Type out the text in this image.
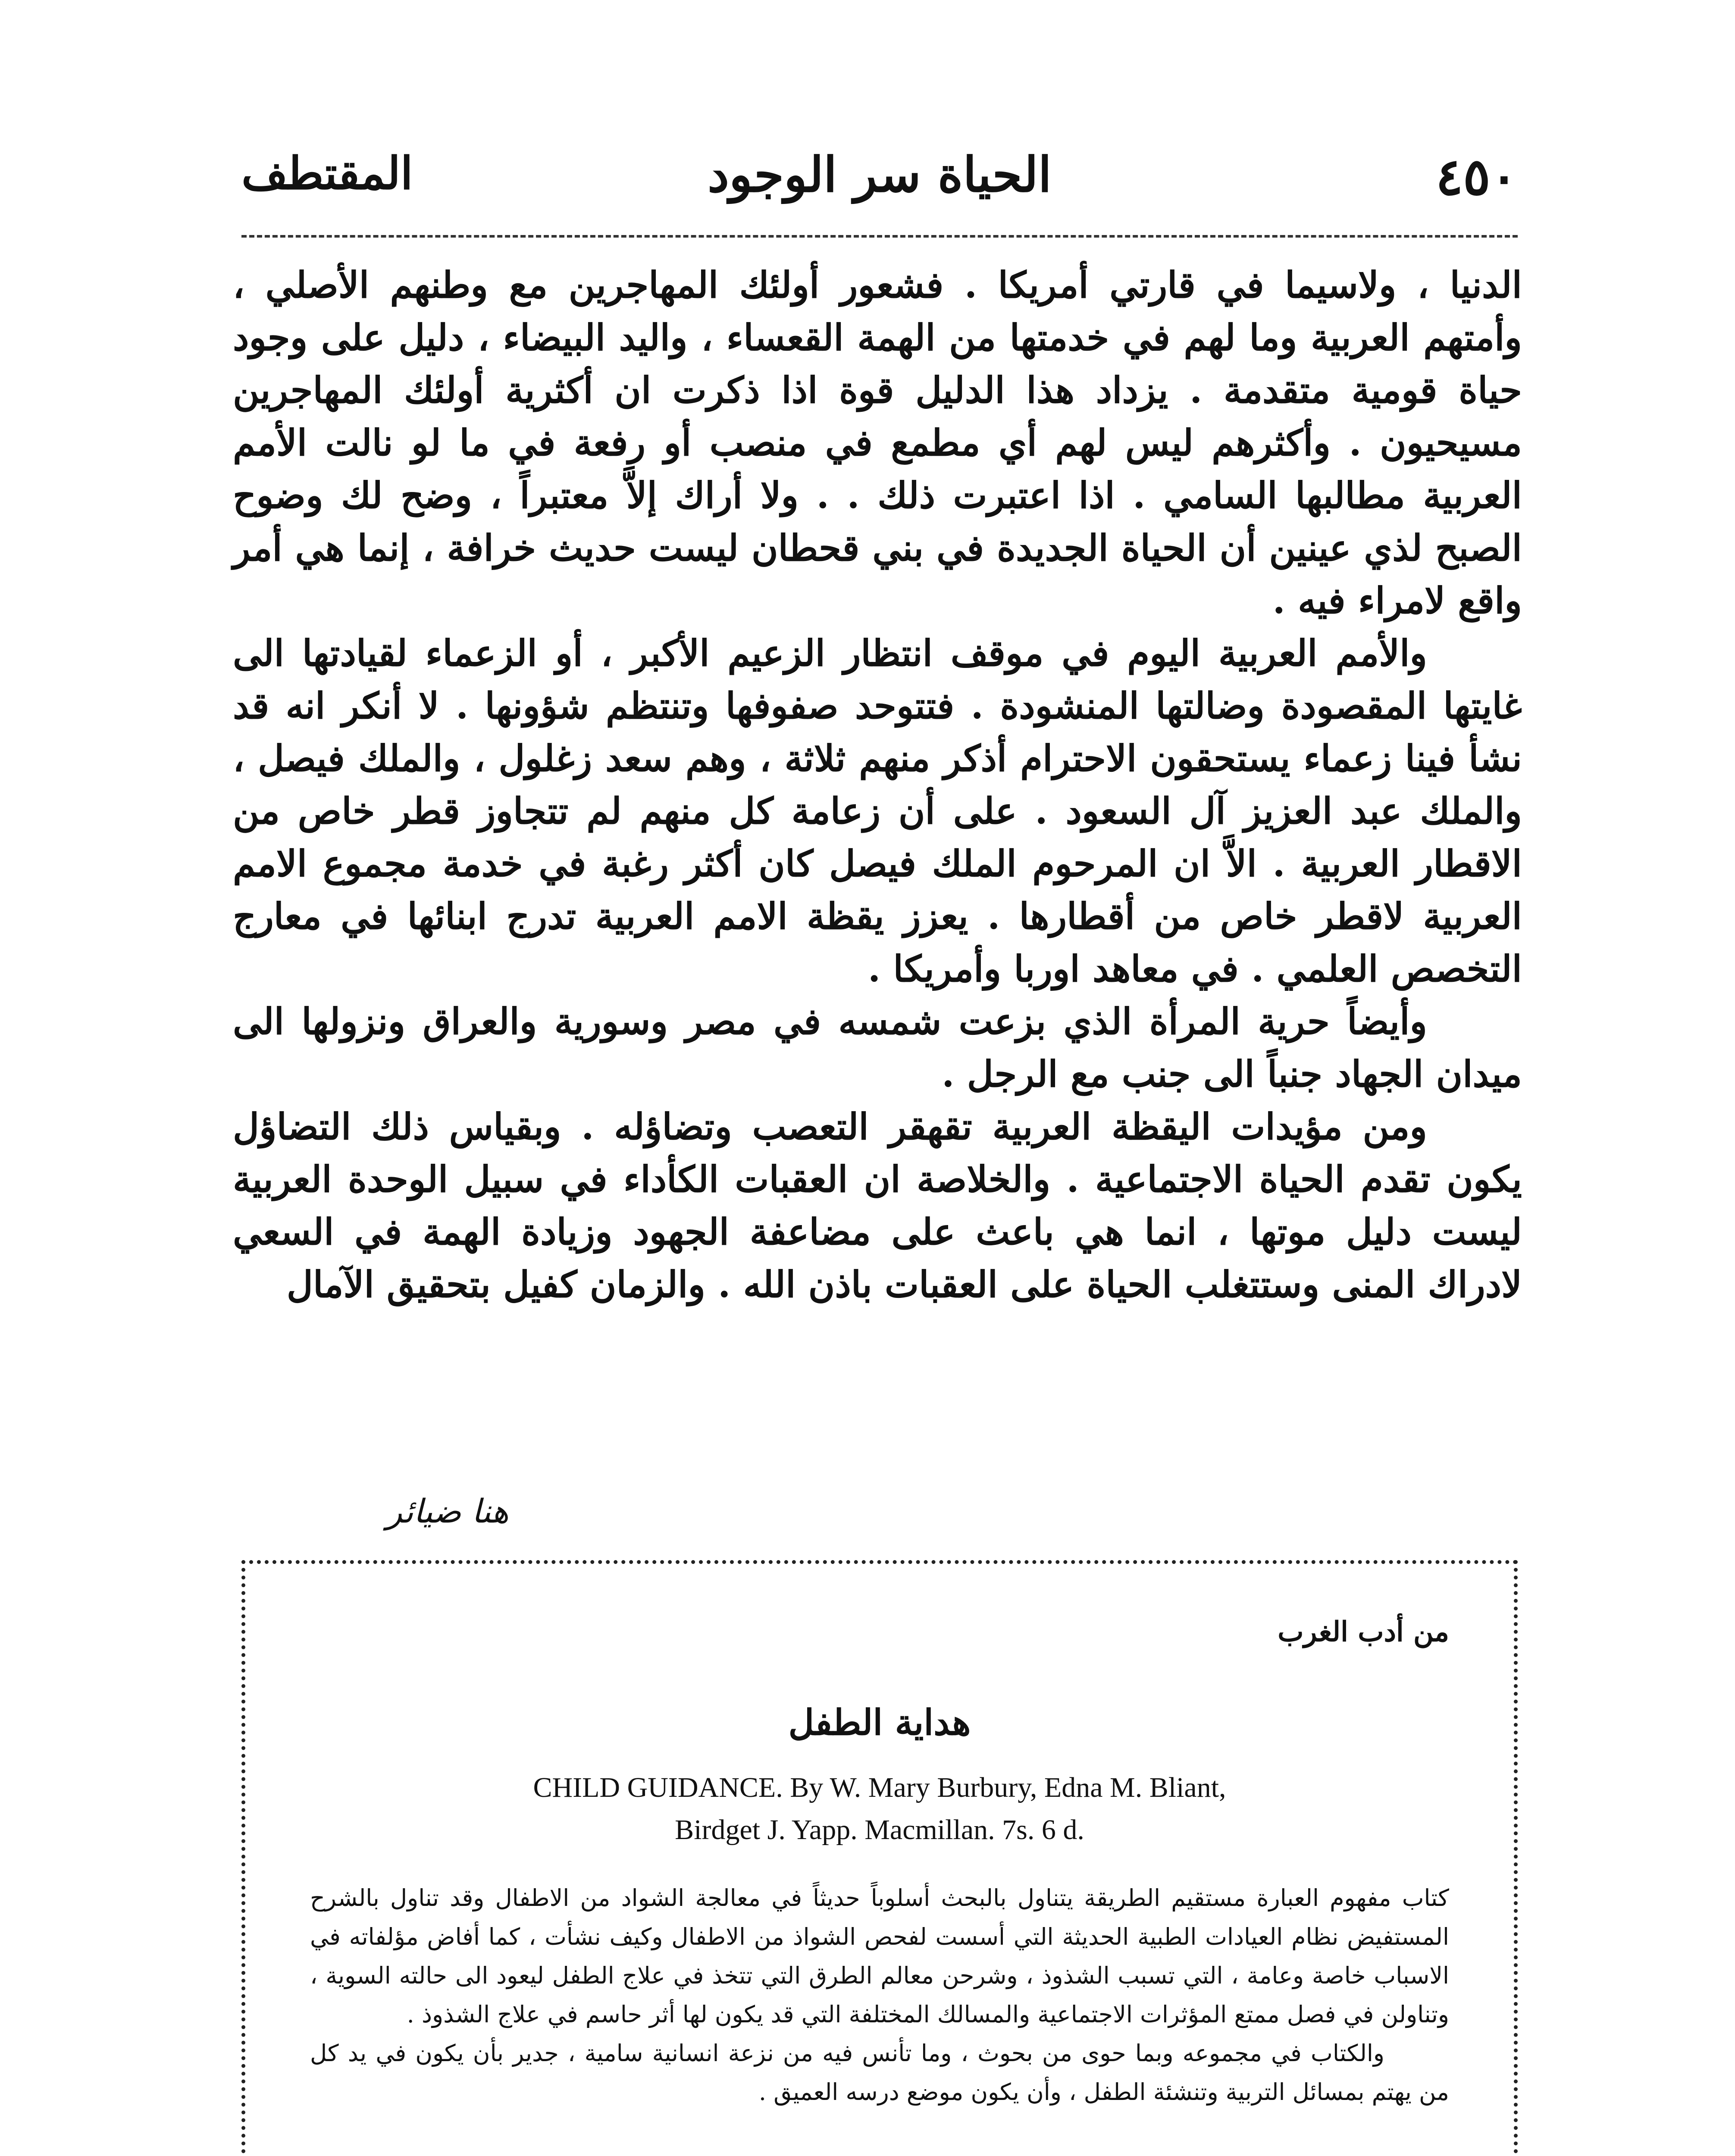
٤٥٠
الحياة سر الوجود
المقتطف

الدنيا ، ولاسيما في قارتي أمريكا . فشعور أولئك المهاجرين مع وطنهم الأصلي ، وأمتهم العربية وما لهم في خدمتها من الهمة القعساء ، واليد البيضاء ، دليل على وجود حياة قومية متقدمة . يزداد هذا الدليل قوة اذا ذكرت ان أكثرية أولئك المهاجرين مسيحيون . وأكثرهم ليس لهم أي مطمع في منصب أو رفعة في ما لو نالت الأمم العربية مطالبها السامي . اذا اعتبرت ذلك . . ولا أراك إلاَّ معتبراً ، وضح لك وضوح الصبح لذي عينين أن الحياة الجديدة في بني قحطان ليست حديث خرافة ، إنما هي أمر واقع لامراء فيه .

والأمم العربية اليوم في موقف انتظار الزعيم الأكبر ، أو الزعماء لقيادتها الى غايتها المقصودة وضالتها المنشودة . فتتوحد صفوفها وتنتظم شؤونها . لا أنكر انه قد نشأ فينا زعماء يستحقون الاحترام أذكر منهم ثلاثة ، وهم سعد زغلول ، والملك فيصل ، والملك عبد العزيز آل السعود . على أن زعامة كل منهم لم تتجاوز قطر خاص من الاقطار العربية . الاَّ ان المرحوم الملك فيصل كان أكثر رغبة في خدمة مجموع الامم العربية لاقطر خاص من أقطارها . يعزز يقظة الامم العربية تدرج ابنائها في معارج التخصص العلمي . في معاهد اوربا وأمريكا .

وأيضاً حرية المرأة الذي بزعت شمسه في مصر وسورية والعراق ونزولها الى ميدان الجهاد جنباً الى جنب مع الرجل .

ومن مؤيدات اليقظة العربية تقهقر التعصب وتضاؤله . وبقياس ذلك التضاؤل يكون تقدم الحياة الاجتماعية . والخلاصة ان العقبات الكأداء في سبيل الوحدة العربية ليست دليل موتها ، انما هي باعث على مضاعفة الجهود وزيادة الهمة في السعي لادراك المنى وستتغلب الحياة على العقبات باذن الله . والزمان كفيل بتحقيق الآمال

هنا ضيائر
من أدب الغرب
هداية الطفل
CHILD GUIDANCE. By W. Mary Burbury, Edna M. Bliant,
Birdget J. Yapp. Macmillan. 7s. 6 d.

كتاب مفهوم العبارة مستقيم الطريقة يتناول بالبحث أسلوباً حديثاً في معالجة الشواد من الاطفال وقد تناول بالشرح المستفيض نظام العيادات الطبية الحديثة التي أسست لفحص الشواذ من الاطفال وكيف نشأت ، كما أفاض مؤلفاته في الاسباب خاصة وعامة ، التي تسبب الشذوذ ، وشرحن معالم الطرق التي تتخذ في علاج الطفل ليعود الى حالته السوية ، وتناولن في فصل ممتع المؤثرات الاجتماعية والمسالك المختلفة التي قد يكون لها أثر حاسم في علاج الشذوذ .

والكتاب في مجموعه وبما حوى من بحوث ، وما تأنس فيه من نزعة انسانية سامية ، جدير بأن يكون في يد كل من يهتم بمسائل التربية وتنشئة الطفل ، وأن يكون موضع درسه العميق .
